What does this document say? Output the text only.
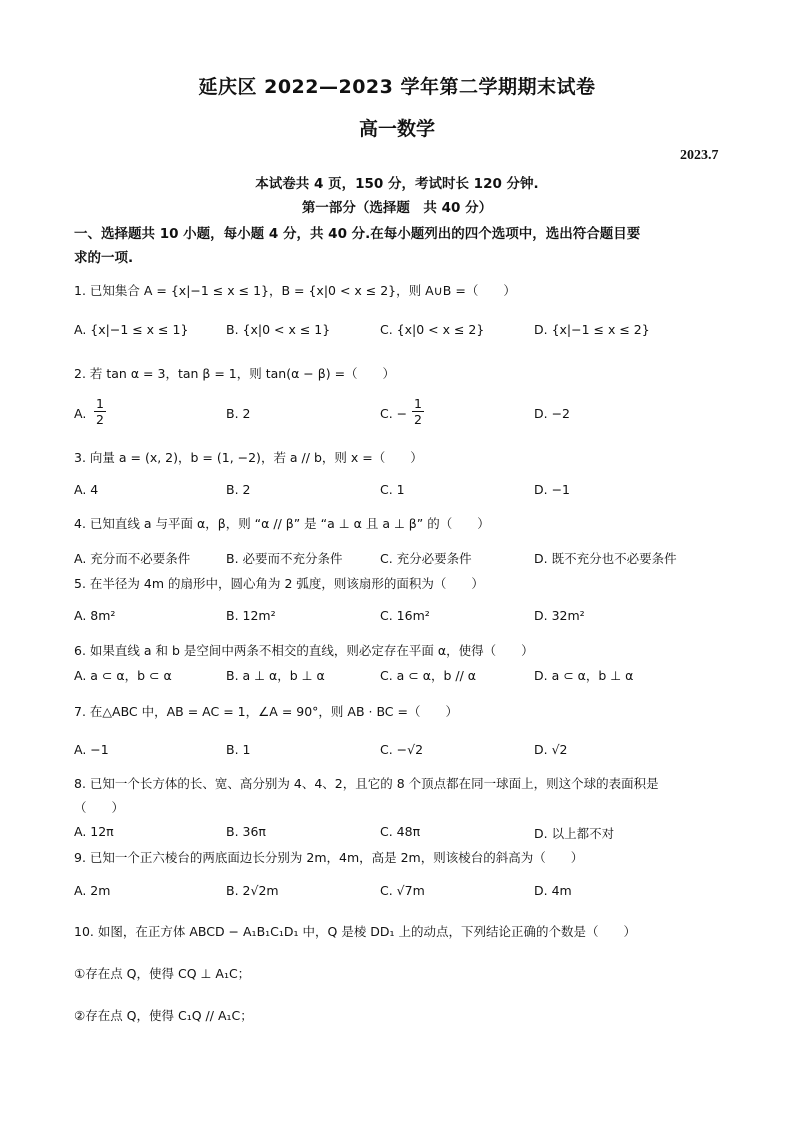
延庆区 2022—2023 学年第二学期期末试卷
高一数学
2023.7
本试卷共 4 页，150 分，考试时长 120 分钟.
第一部分（选择题　共 40 分）
一、选择题共 10 小题，每小题 4 分，共 40 分.在每小题列出的四个选项中，选出符合题目要
求的一项.
1. 已知集合 A = {x|−1 ≤ x ≤ 1}，B = {x|0 < x ≤ 2}，则 A∪B =（　　）
A. {x|−1 ≤ x ≤ 1}	B. {x|0 < x ≤ 1}	C. {x|0 < x ≤ 2}	D. {x|−1 ≤ x ≤ 2}
2. 若 tan α = 3，tan β = 1，则 tan(α − β) =（　　）
A. $\frac{1}{2}$	B. 2	C. − $\frac{1}{2}$	D. −2
3. 向量 a = (x, 2)，b = (1, −2)，若 a // b，则 x =（　　）
A. 4	B. 2	C. 1	D. −1
4. 已知直线 a 与平面 α，β，则 “α // β” 是 “a ⊥ α 且 a ⊥ β” 的（　　）
A. 充分而不必要条件	B. 必要而不充分条件	C. 充分必要条件	D. 既不充分也不必要条件
5. 在半径为 4m 的扇形中，圆心角为 2 弧度，则该扇形的面积为（　　）
A. 8m²	B. 12m²	C. 16m²	D. 32m²
6. 如果直线 a 和 b 是空间中两条不相交的直线，则必定存在平面 α，使得（　　）
A. a ⊂ α，b ⊂ α	B. a ⊥ α，b ⊥ α	C. a ⊂ α，b // α	D. a ⊂ α，b ⊥ α
7. 在△ABC 中，AB = AC = 1，∠A = 90°，则 AB · BC =（　　）
A. −1	B. 1	C. −√2	D. √2
8. 已知一个长方体的长、宽、高分别为 4、4、2，且它的 8 个顶点都在同一球面上，则这个球的表面积是
（　　）
A. 12π	B. 36π	C. 48π	D. 以上都不对
9. 已知一个正六棱台的两底面边长分别为 2m，4m，高是 2m，则该棱台的斜高为（　　）
A. 2m	B. 2√2m	C. √7m	D. 4m
10. 如图，在正方体 ABCD − A₁B₁C₁D₁ 中，Q 是棱 DD₁ 上的动点，下列结论正确的个数是（　　）
①存在点 Q，使得 CQ ⊥ A₁C；
②存在点 Q，使得 C₁Q // A₁C；
